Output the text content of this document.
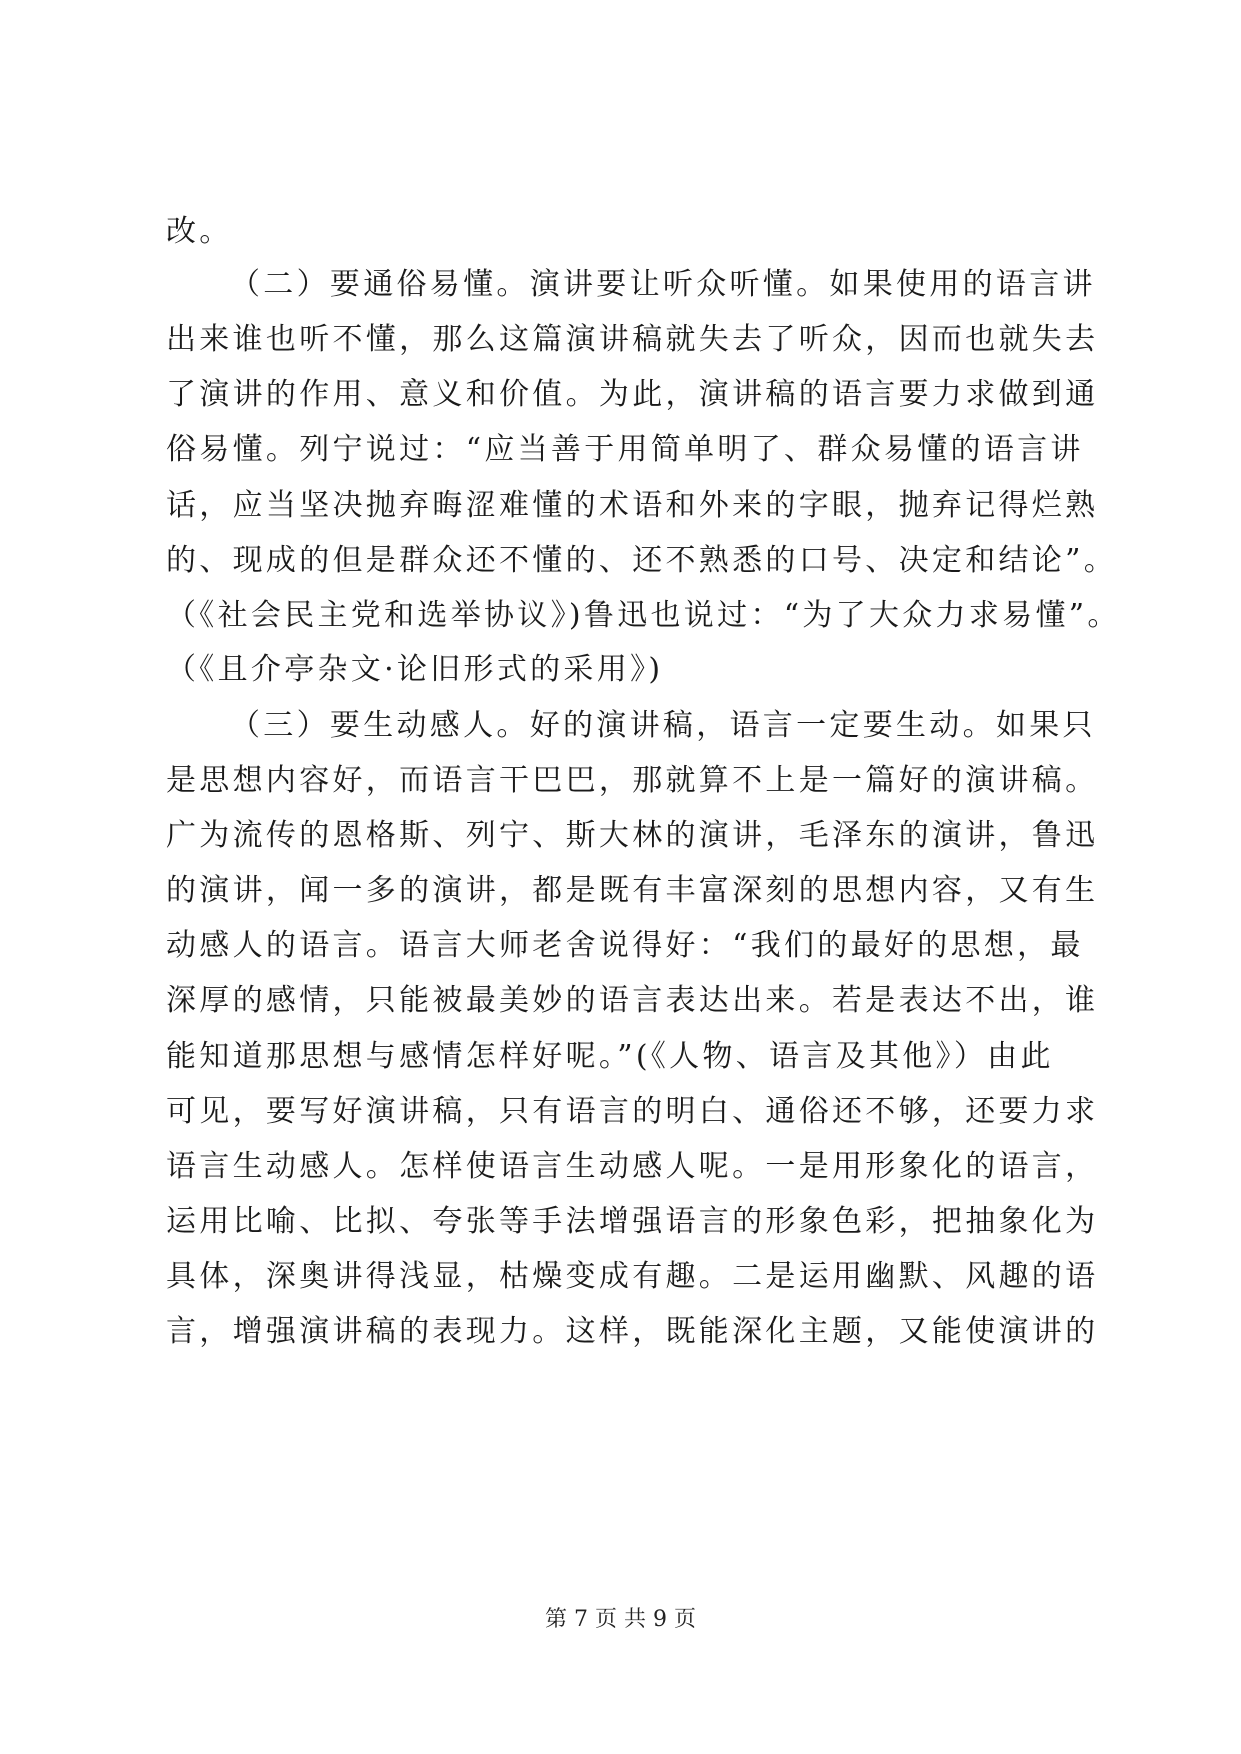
改。
（二）要通俗易懂。演讲要让听众听懂。如果使用的语言讲
出来谁也听不懂，那么这篇演讲稿就失去了听众，因而也就失去
了演讲的作用、意义和价值。为此，演讲稿的语言要力求做到通
俗易懂。列宁说过：“应当善于用简单明了、群众易懂的语言讲
话，应当坚决抛弃晦涩难懂的术语和外来的字眼，抛弃记得烂熟
的、现成的但是群众还不懂的、还不熟悉的口号、决定和结论”。
（《社会民主党和选举协议》)鲁迅也说过：“为了大众力求易懂”。
（《且介亭杂文·论旧形式的采用》)
（三）要生动感人。好的演讲稿，语言一定要生动。如果只
是思想内容好，而语言干巴巴，那就算不上是一篇好的演讲稿。
广为流传的恩格斯、列宁、斯大林的演讲，毛泽东的演讲，鲁迅
的演讲，闻一多的演讲，都是既有丰富深刻的思想内容，又有生
动感人的语言。语言大师老舍说得好：“我们的最好的思想，最
深厚的感情，只能被最美妙的语言表达出来。若是表达不出，谁
能知道那思想与感情怎样好呢。”(《人物、语言及其他》）由此
可见，要写好演讲稿，只有语言的明白、通俗还不够，还要力求
语言生动感人。怎样使语言生动感人呢。一是用形象化的语言，
运用比喻、比拟、夸张等手法增强语言的形象色彩，把抽象化为
具体，深奥讲得浅显，枯燥变成有趣。二是运用幽默、风趣的语
言，增强演讲稿的表现力。这样，既能深化主题，又能使演讲的
第 7 页 共 9 页
